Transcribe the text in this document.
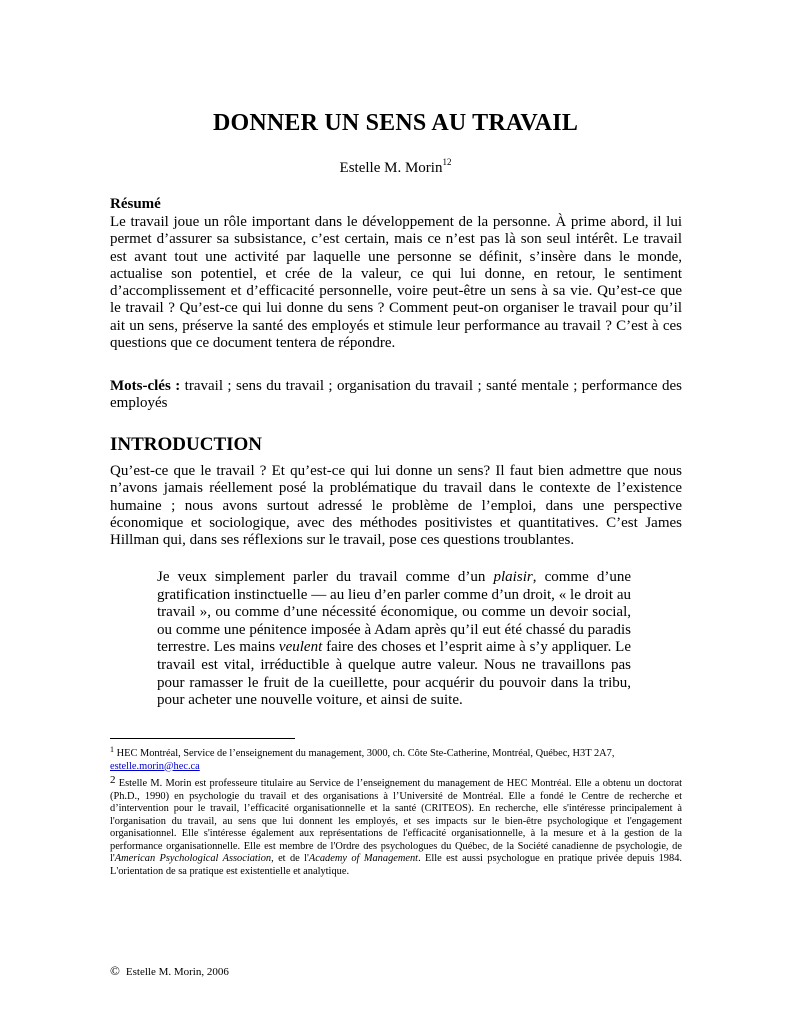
DONNER UN SENS AU TRAVAIL
Estelle M. Morin$^{12}$
Résumé
Le travail joue un rôle important dans le développement de la personne. À prime abord, il lui permet d’assurer sa subsistance, c’est certain, mais ce n’est pas là son seul intérêt. Le travail est avant tout une activité par laquelle une personne se définit, s’insère dans le monde, actualise son potentiel, et crée de la valeur, ce qui lui donne, en retour, le sentiment d’accomplissement et d’efficacité personnelle, voire peut-être un sens à sa vie. Qu’est-ce que le travail ? Qu’est-ce qui lui donne du sens ? Comment peut-on organiser le travail pour qu’il ait un sens, préserve la santé des employés et stimule leur performance au travail ? C’est à ces questions que ce document tentera de répondre.
Mots-clés : travail ; sens du travail ; organisation du travail ; santé mentale ; performance des employés
INTRODUCTION
Qu’est-ce que le travail ? Et qu’est-ce qui lui donne un sens? Il faut bien admettre que nous n’avons jamais réellement posé la problématique du travail dans le contexte de l’existence humaine ; nous avons surtout adressé le problème de l’emploi, dans une perspective économique et sociologique, avec des méthodes positivistes et quantitatives. C’est James Hillman qui, dans ses réflexions sur le travail, pose ces questions troublantes.
Je veux simplement parler du travail comme d’un plaisir, comme d’une gratification instinctuelle — au lieu d’en parler comme d’un droit, « le droit au travail », ou comme d’une nécessité économique, ou comme un devoir social, ou comme une pénitence imposée à Adam après qu’il eut été chassé du paradis terrestre. Les mains veulent faire des choses et l’esprit aime à s’y appliquer. Le travail est vital, irréductible à quelque autre valeur. Nous ne travaillons pas pour ramasser le fruit de la cueillette, pour acquérir du pouvoir dans la tribu, pour acheter une nouvelle voiture, et ainsi de suite.
$^1$ HEC Montréal, Service de l’enseignement du management, 3000, ch. Côte Ste-Catherine, Montréal, Québec, H3T 2A7,
estelle.morin@hec.ca
2 Estelle M. Morin est professeure titulaire au Service de l’enseignement du management de HEC Montréal. Elle a obtenu un doctorat (Ph.D., 1990) en psychologie du travail et des organisations à l’Université de Montréal. Elle a fondé le Centre de recherche et d’intervention pour le travail, l’efficacité organisationnelle et la santé (CRITEOS). En recherche, elle s'intéresse principalement à l'organisation du travail, au sens que lui donnent les employés, et ses impacts sur le bien-être psychologique et l'engagement organisationnel. Elle s'intéresse également aux représentations de l'efficacité organisationnelle, à la mesure et à la gestion de la performance organisationnelle. Elle est membre de l'Ordre des psychologues du Québec, de la Société canadienne de psychologie, de l'American Psychological Association, et de l'Academy of Management. Elle est aussi psychologue en pratique privée depuis 1984. L'orientation de sa pratique est existentielle et analytique.
© Estelle M. Morin, 2006
